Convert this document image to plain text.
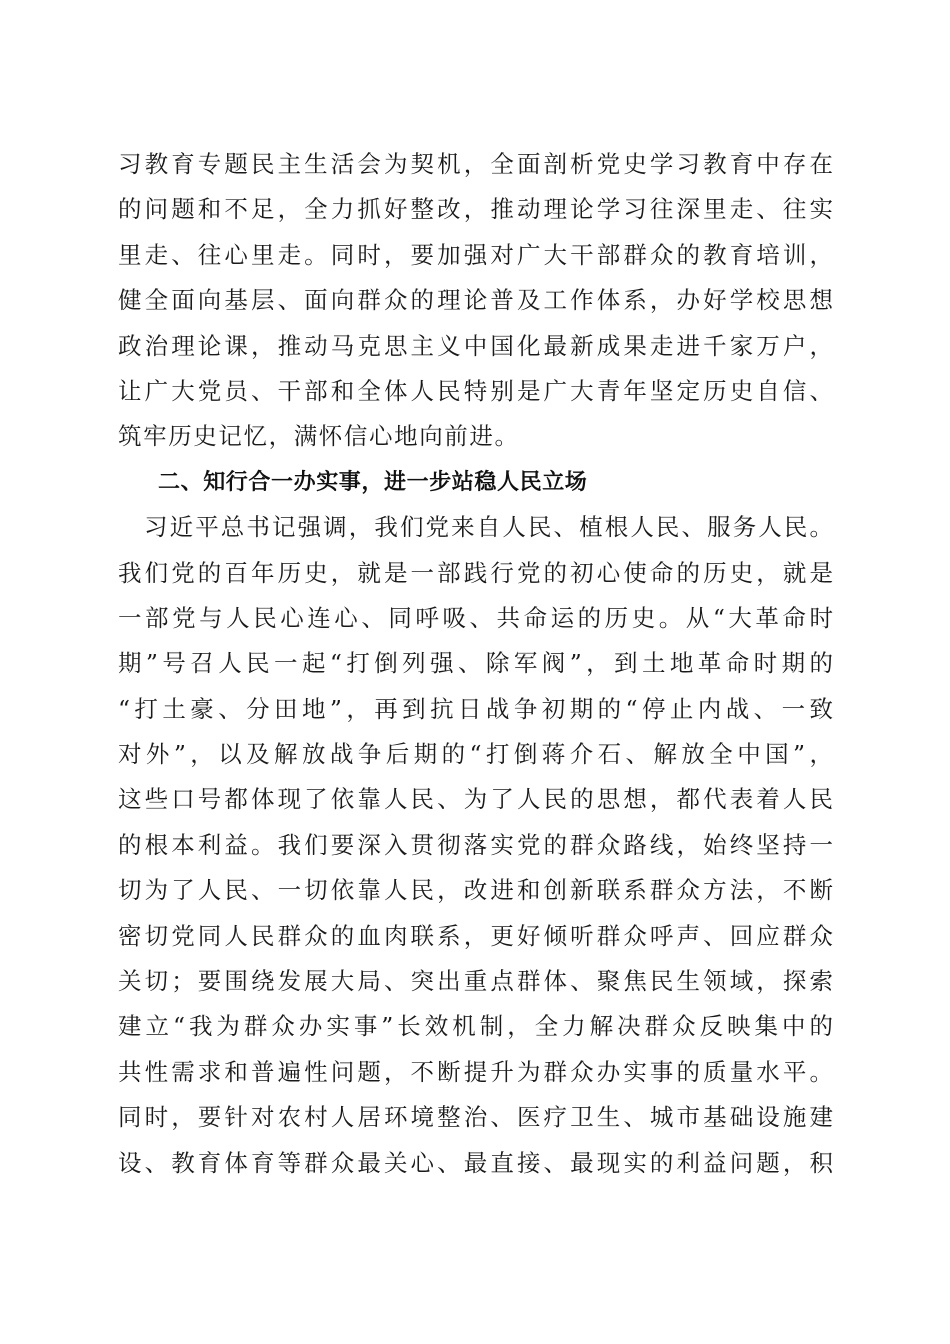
习教育专题民主生活会为契机，全面剖析党史学习教育中存在
的问题和不足，全力抓好整改，推动理论学习往深里走、往实
里走、往心里走。同时，要加强对广大干部群众的教育培训，
健全面向基层、面向群众的理论普及工作体系，办好学校思想
政治理论课，推动马克思主义中国化最新成果走进千家万户，
让广大党员、干部和全体人民特别是广大青年坚定历史自信、
筑牢历史记忆，满怀信心地向前进。
二、知行合一办实事，进一步站稳人民立场
习近平总书记强调，我们党来自人民、植根人民、服务人民。
我们党的百年历史，就是一部践行党的初心使命的历史，就是
一部党与人民心连心、同呼吸、共命运的历史。从“大革命时
期”号召人民一起“打倒列强、除军阀”，到土地革命时期的
“打土豪、分田地”，再到抗日战争初期的“停止内战、一致
对外”，以及解放战争后期的“打倒蒋介石、解放全中国”，
这些口号都体现了依靠人民、为了人民的思想，都代表着人民
的根本利益。我们要深入贯彻落实党的群众路线，始终坚持一
切为了人民、一切依靠人民，改进和创新联系群众方法，不断
密切党同人民群众的血肉联系，更好倾听群众呼声、回应群众
关切；要围绕发展大局、突出重点群体、聚焦民生领域，探索
建立“我为群众办实事”长效机制，全力解决群众反映集中的
共性需求和普遍性问题，不断提升为群众办实事的质量水平。
同时，要针对农村人居环境整治、医疗卫生、城市基础设施建
设、教育体育等群众最关心、最直接、最现实的利益问题，积
